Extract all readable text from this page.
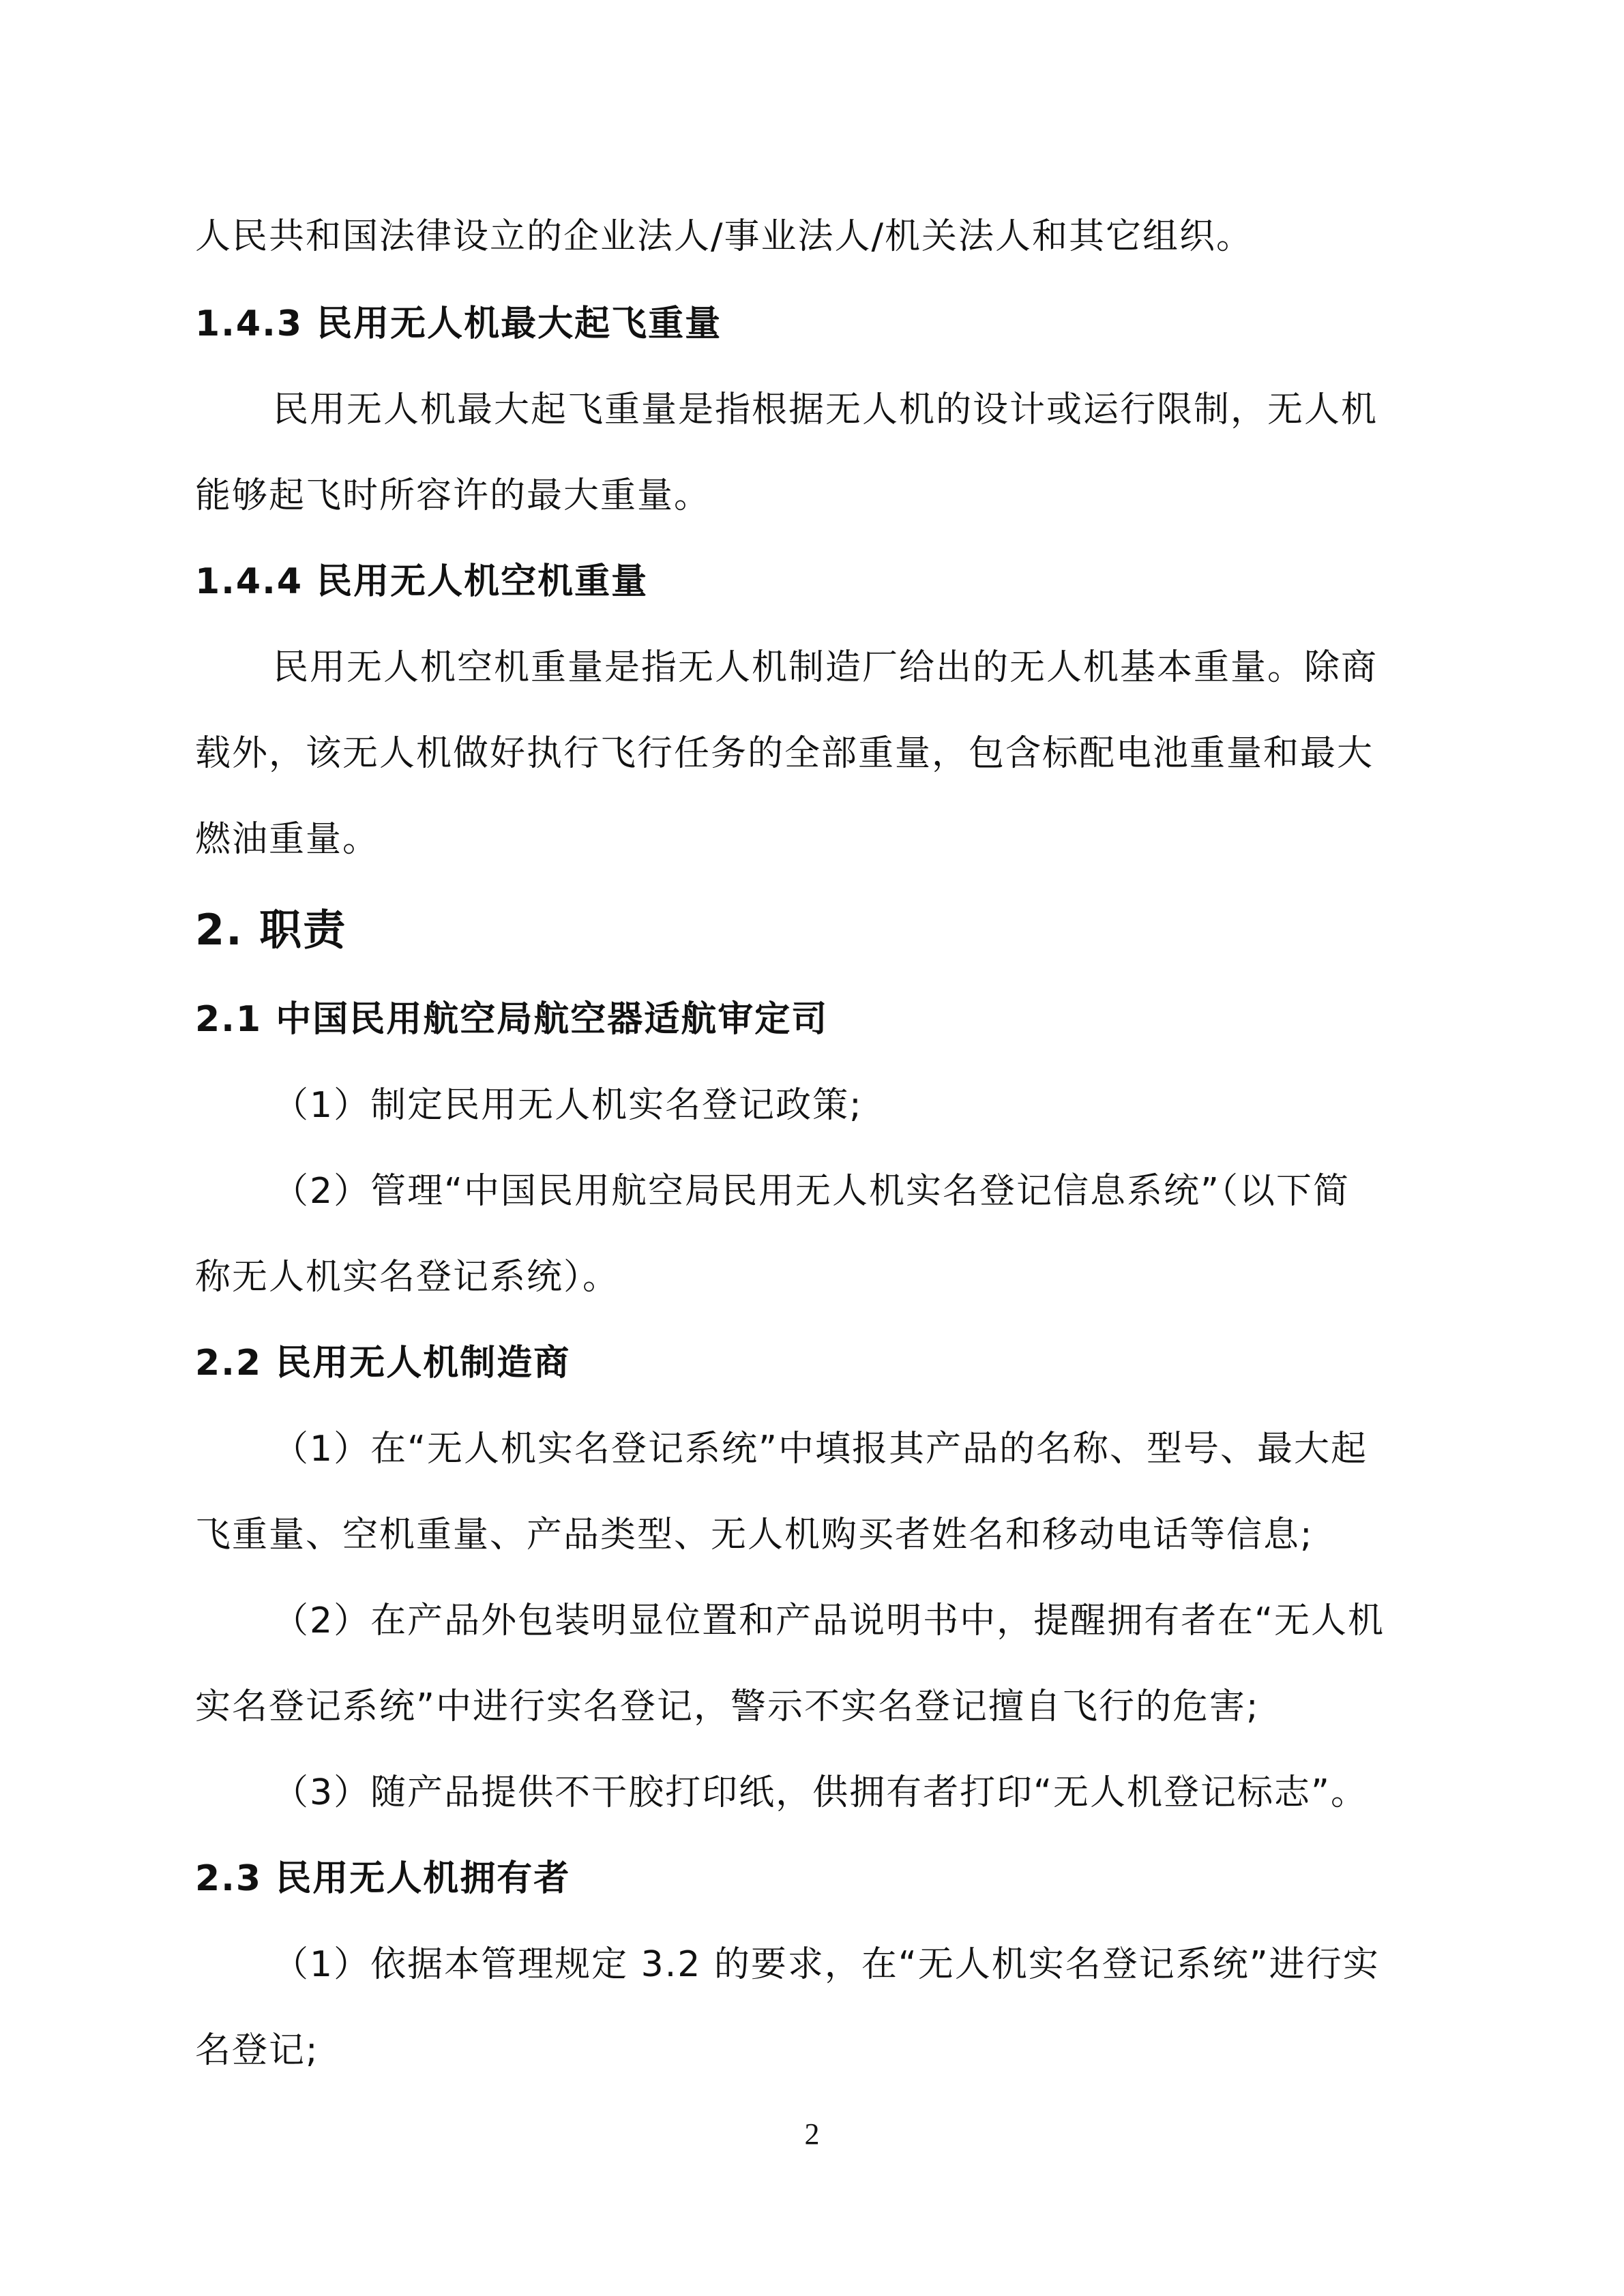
人民共和国法律设立的企业法人/事业法人/机关法人和其它组织。
1.4.3 民用无人机最大起飞重量
民用无人机最大起飞重量是指根据无人机的设计或运行限制，无人机
能够起飞时所容许的最大重量。
1.4.4 民用无人机空机重量
民用无人机空机重量是指无人机制造厂给出的无人机基本重量。除商
载外，该无人机做好执行飞行任务的全部重量，包含标配电池重量和最大
燃油重量。
2. 职责
2.1 中国民用航空局航空器适航审定司
（1）制定民用无人机实名登记政策;
（2）管理“中国民用航空局民用无人机实名登记信息系统”（以下简
称无人机实名登记系统）。
2.2 民用无人机制造商
（1）在“无人机实名登记系统”中填报其产品的名称、型号、最大起
飞重量、空机重量、产品类型、无人机购买者姓名和移动电话等信息;
（2）在产品外包装明显位置和产品说明书中，提醒拥有者在“无人机
实名登记系统”中进行实名登记，警示不实名登记擅自飞行的危害;
（3）随产品提供不干胶打印纸，供拥有者打印“无人机登记标志”。
2.3 民用无人机拥有者
（1）依据本管理规定 3.2 的要求，在“无人机实名登记系统”进行实
名登记;
2
